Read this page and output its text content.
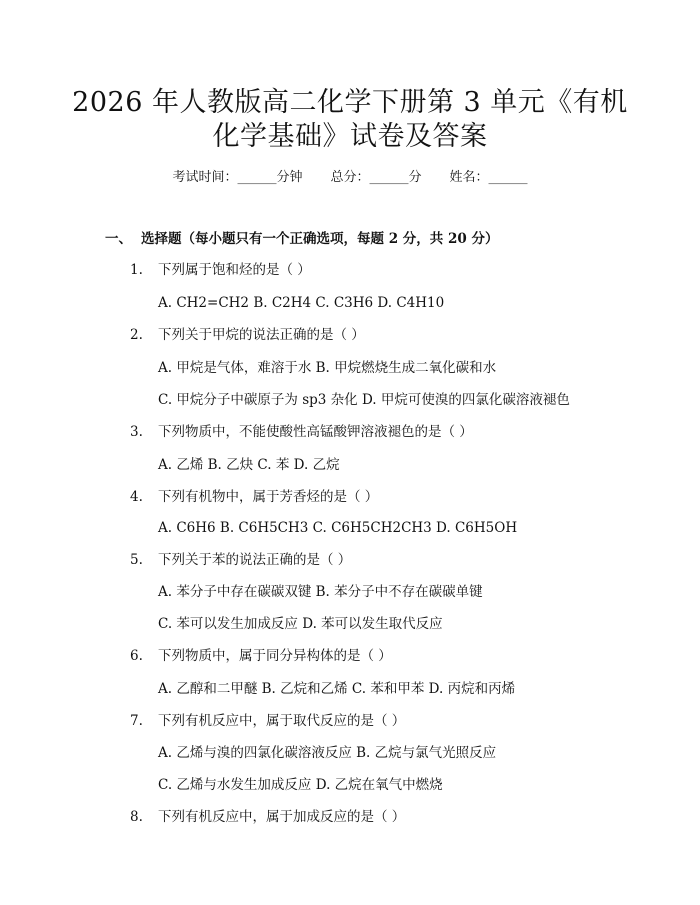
2026 年人教版高二化学下册第 3 单元《有机
化学基础》试卷及答案
考试时间：______分钟 总分：______分 姓名：______
一、 选择题（每小题只有一个正确选项，每题 2 分，共 20 分）
1. 下列属于饱和烃的是（ ）
A. CH2=CH2 B. C2H4 C. C3H6 D. C4H10
2. 下列关于甲烷的说法正确的是（ ）
A. 甲烷是气体，难溶于水 B. 甲烷燃烧生成二氧化碳和水
C. 甲烷分子中碳原子为 sp3 杂化 D. 甲烷可使溴的四氯化碳溶液褪色
3. 下列物质中，不能使酸性高锰酸钾溶液褪色的是（ ）
A. 乙烯 B. 乙炔 C. 苯 D. 乙烷
4. 下列有机物中，属于芳香烃的是（ ）
A. C6H6 B. C6H5CH3 C. C6H5CH2CH3 D. C6H5OH
5. 下列关于苯的说法正确的是（ ）
A. 苯分子中存在碳碳双键 B. 苯分子中不存在碳碳单键
C. 苯可以发生加成反应 D. 苯可以发生取代反应
6. 下列物质中，属于同分异构体的是（ ）
A. 乙醇和二甲醚 B. 乙烷和乙烯 C. 苯和甲苯 D. 丙烷和丙烯
7. 下列有机反应中，属于取代反应的是（ ）
A. 乙烯与溴的四氯化碳溶液反应 B. 乙烷与氯气光照反应
C. 乙烯与水发生加成反应 D. 乙烷在氧气中燃烧
8. 下列有机反应中，属于加成反应的是（ ）
